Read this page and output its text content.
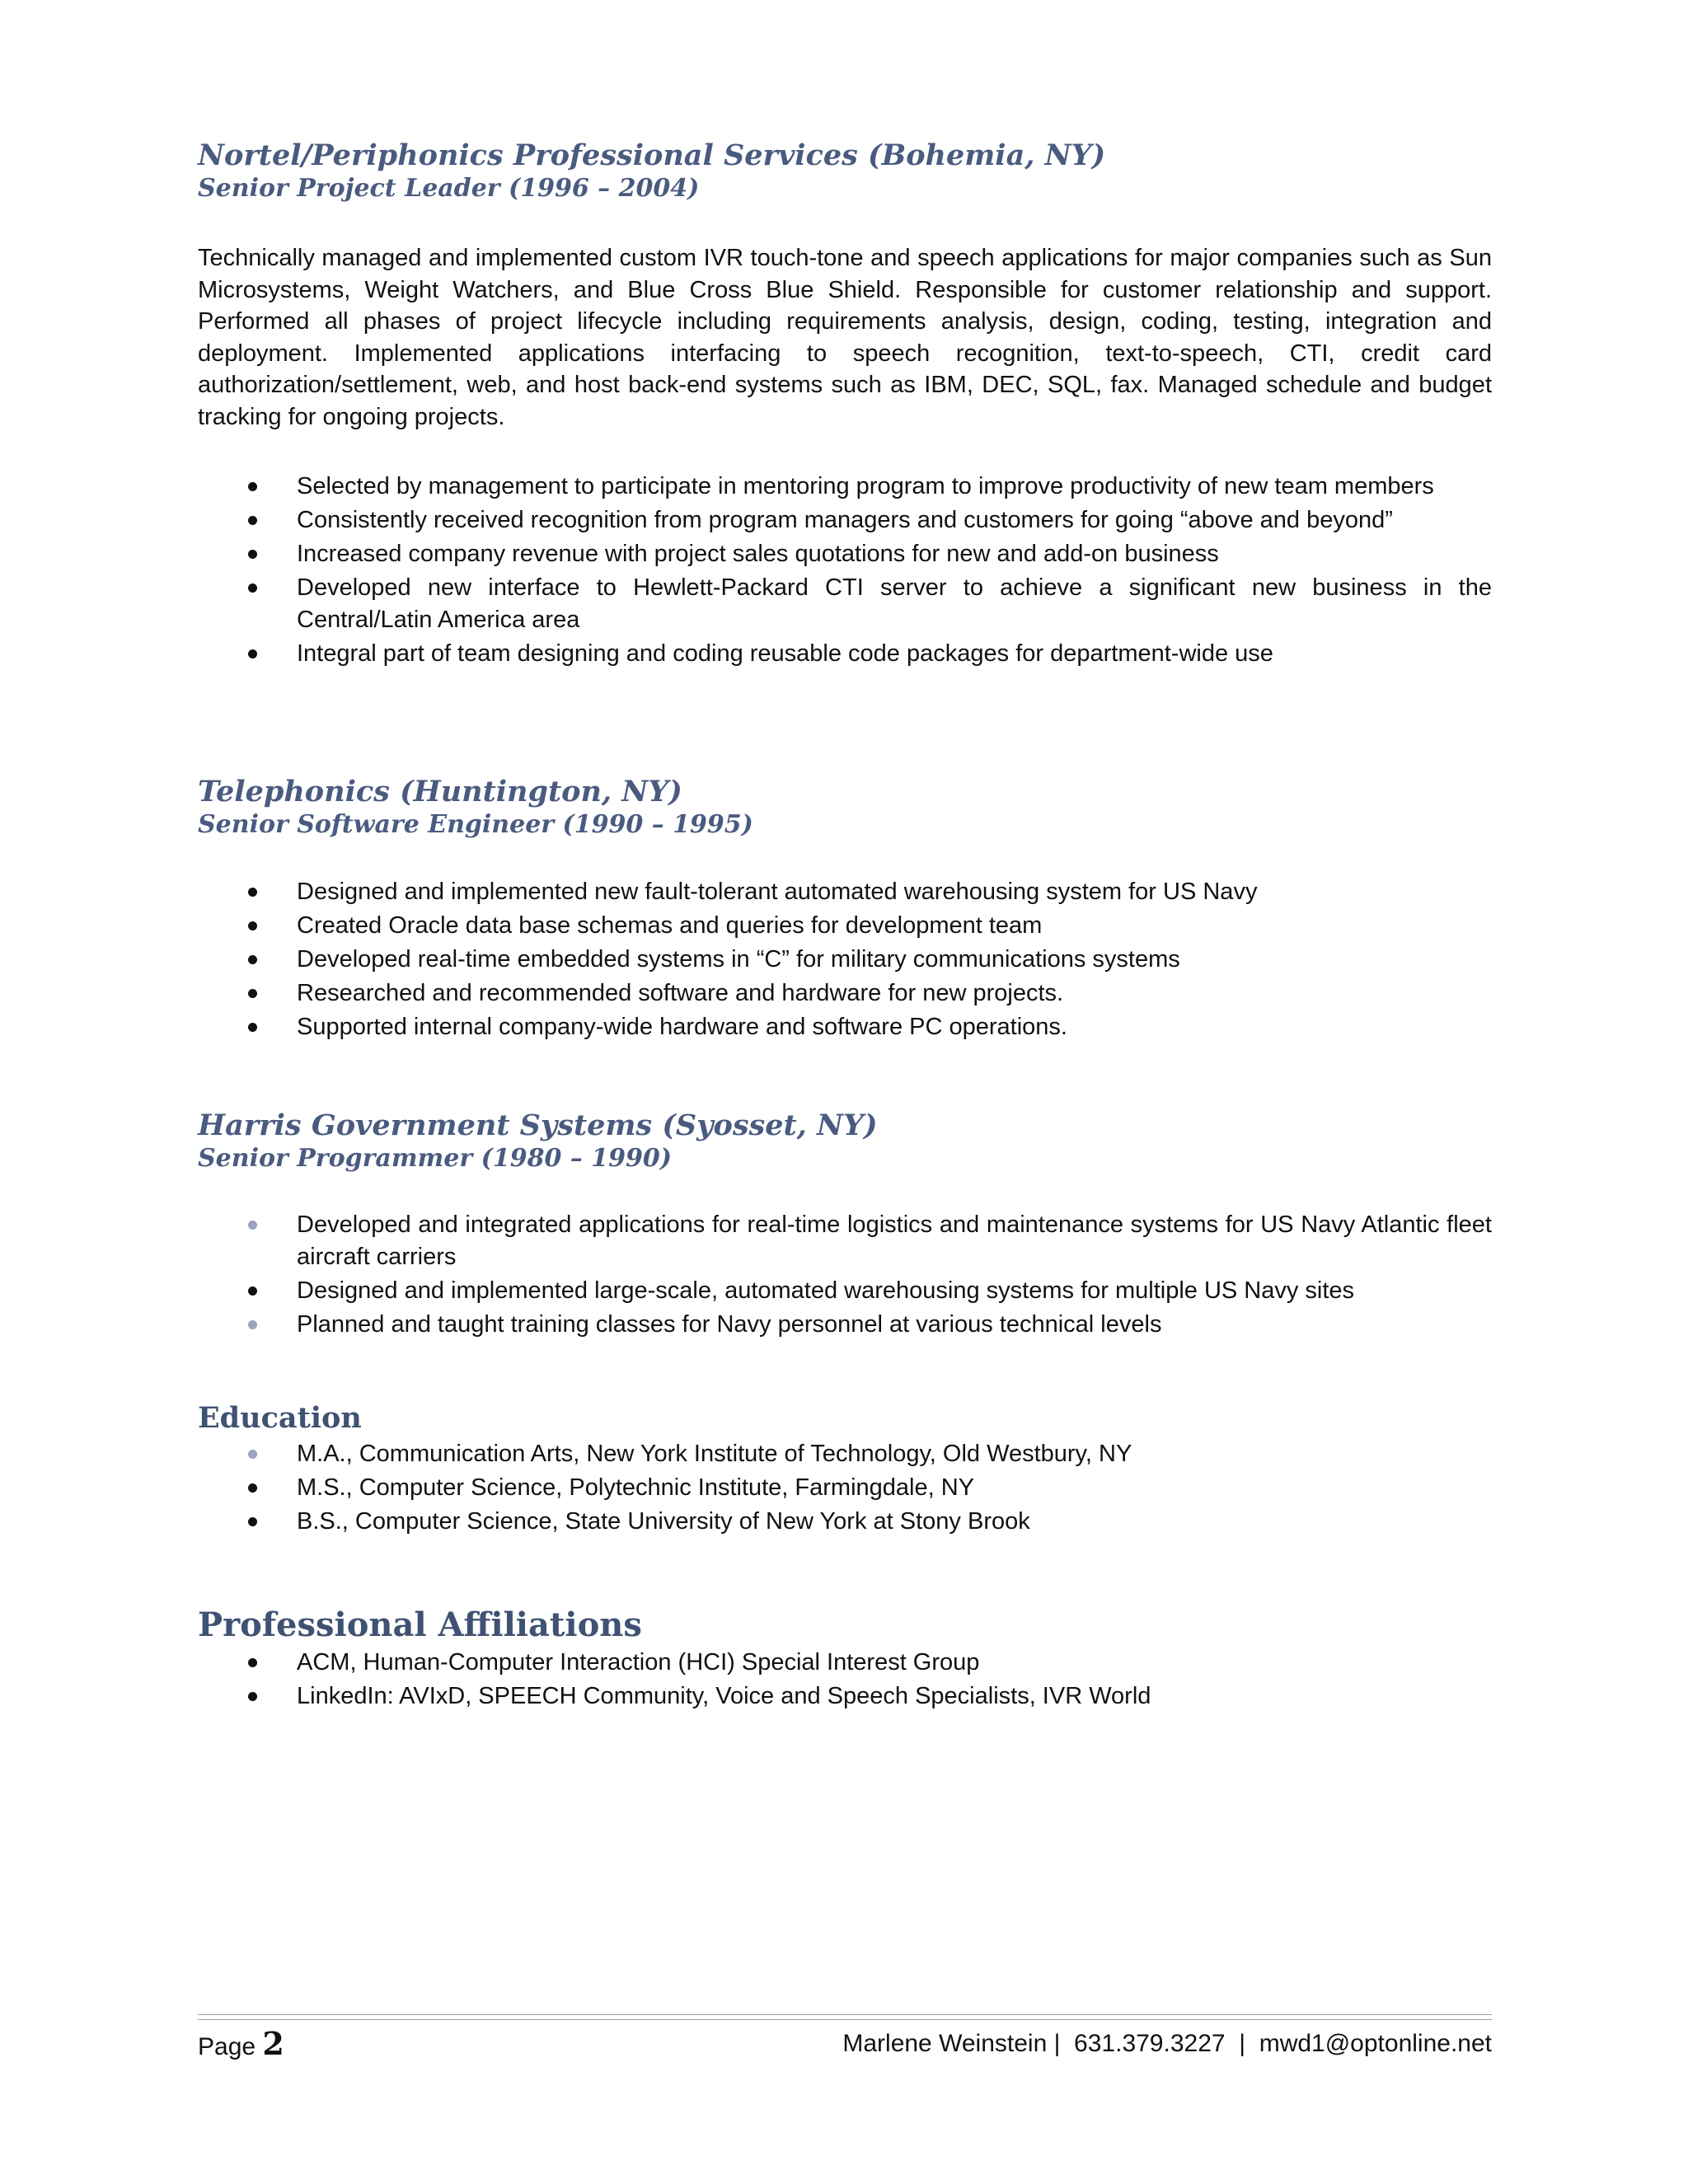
Nortel/Periphonics Professional Services (Bohemia, NY)

Senior Project Leader (1996 – 2004)

Technically managed and implemented custom IVR touch-tone and speech applications for major companies such as Sun Microsystems, Weight Watchers, and Blue Cross Blue Shield. Responsible for customer relationship and support. Performed all phases of project lifecycle including requirements analysis, design, coding, testing, integration and deployment. Implemented applications interfacing to speech recognition, text-to-speech, CTI, credit card authorization/settlement, web, and host back-end systems such as IBM, DEC, SQL, fax. Managed schedule and budget tracking for ongoing projects.

Selected by management to participate in mentoring program to improve productivity of new team members
Consistently received recognition from program managers and customers for going “above and beyond”
Increased company revenue with project sales quotations for new and add-on business
Developed new interface to Hewlett-Packard CTI server to achieve a significant new business in the Central/Latin America area
Integral part of team designing and coding reusable code packages for department-wide use

Telephonics (Huntington, NY)

Senior Software Engineer (1990 – 1995)

Designed and implemented new fault-tolerant automated warehousing system for US Navy
Created Oracle data base schemas and queries for development team
Developed real-time embedded systems in “C” for military communications systems
Researched and recommended software and hardware for new projects.
Supported internal company-wide hardware and software PC operations.

Harris Government Systems (Syosset, NY)

Senior Programmer (1980 – 1990)

Developed and integrated applications for real-time logistics and maintenance systems for US Navy Atlantic fleet aircraft carriers
Designed and implemented large-scale, automated warehousing systems for multiple US Navy sites
Planned and taught training classes for Navy personnel at various technical levels

Education

M.A., Communication Arts, New York Institute of Technology, Old Westbury, NY
M.S., Computer Science, Polytechnic Institute, Farmingdale, NY
B.S., Computer Science, State University of New York at Stony Brook

Professional Affiliations

ACM, Human-Computer Interaction (HCI) Special Interest Group
LinkedIn: AVIxD, SPEECH Community, Voice and Speech Specialists, IVR World
Page 2	Marlene Weinstein |  631.379.3227  |  mwd1@optonline.net
